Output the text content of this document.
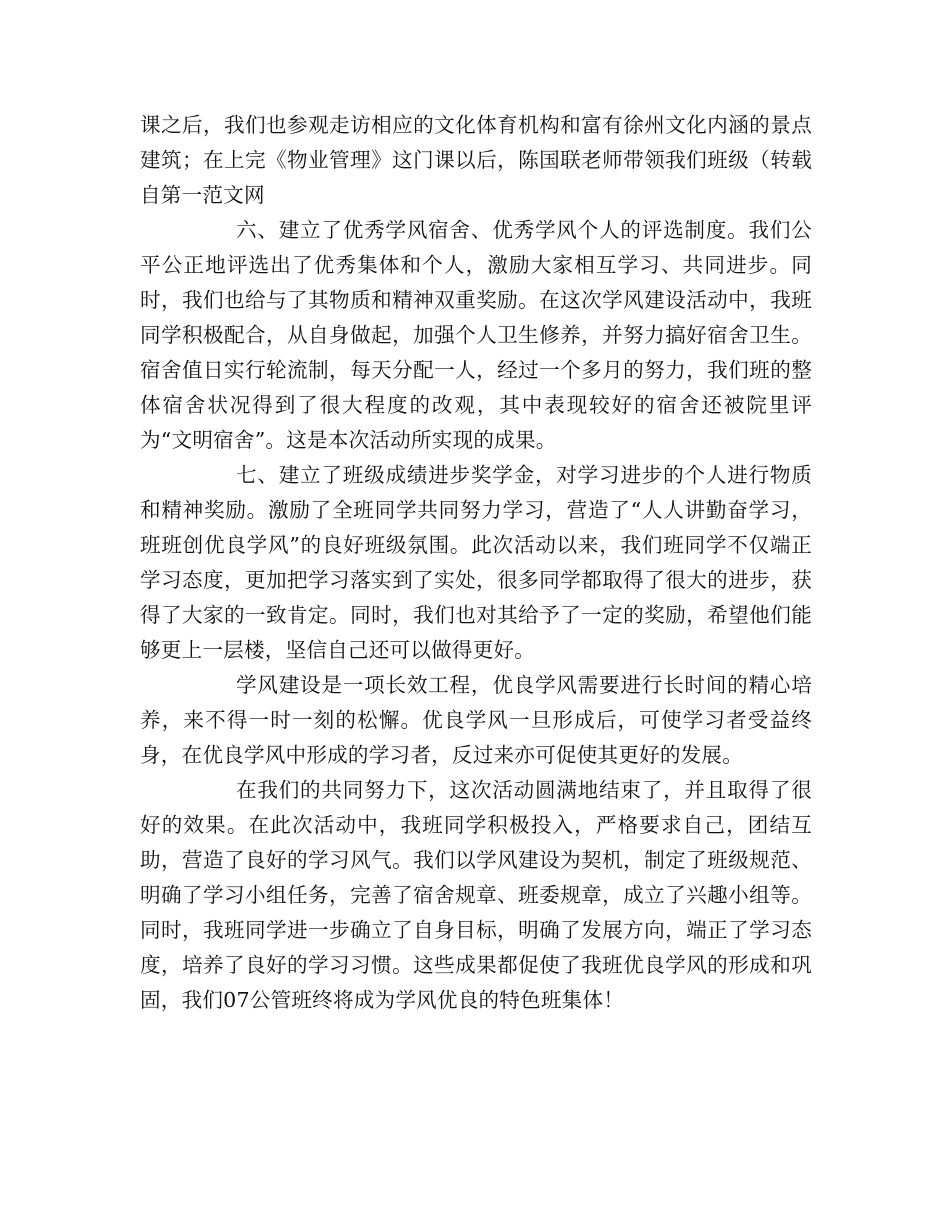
课之后，我们也参观走访相应的文化体育机构和富有徐州文化内涵的景点建筑；在上完《物业管理》这门课以后，陈国联老师带领我们班级（转载自第一范文网

六、建立了优秀学风宿舍、优秀学风个人的评选制度。我们公平公正地评选出了优秀集体和个人，激励大家相互学习、共同进步。同时，我们也给与了其物质和精神双重奖励。在这次学风建设活动中，我班同学积极配合，从自身做起，加强个人卫生修养，并努力搞好宿舍卫生。宿舍值日实行轮流制，每天分配一人，经过一个多月的努力，我们班的整体宿舍状况得到了很大程度的改观，其中表现较好的宿舍还被院里评为“文明宿舍”。这是本次活动所实现的成果。

七、建立了班级成绩进步奖学金，对学习进步的个人进行物质和精神奖励。激励了全班同学共同努力学习，营造了“人人讲勤奋学习，班班创优良学风”的良好班级氛围。此次活动以来，我们班同学不仅端正学习态度，更加把学习落实到了实处，很多同学都取得了很大的进步，获得了大家的一致肯定。同时，我们也对其给予了一定的奖励，希望他们能够更上一层楼，坚信自己还可以做得更好。

学风建设是一项长效工程，优良学风需要进行长时间的精心培养，来不得一时一刻的松懈。优良学风一旦形成后，可使学习者受益终身，在优良学风中形成的学习者，反过来亦可促使其更好的发展。

在我们的共同努力下，这次活动圆满地结束了，并且取得了很好的效果。在此次活动中，我班同学积极投入，严格要求自己，团结互助，营造了良好的学习风气。我们以学风建设为契机，制定了班级规范、明确了学习小组任务，完善了宿舍规章、班委规章，成立了兴趣小组等。同时，我班同学进一步确立了自身目标，明确了发展方向，端正了学习态度，培养了良好的学习习惯。这些成果都促使了我班优良学风的形成和巩固，我们07公管班终将成为学风优良的特色班集体！
